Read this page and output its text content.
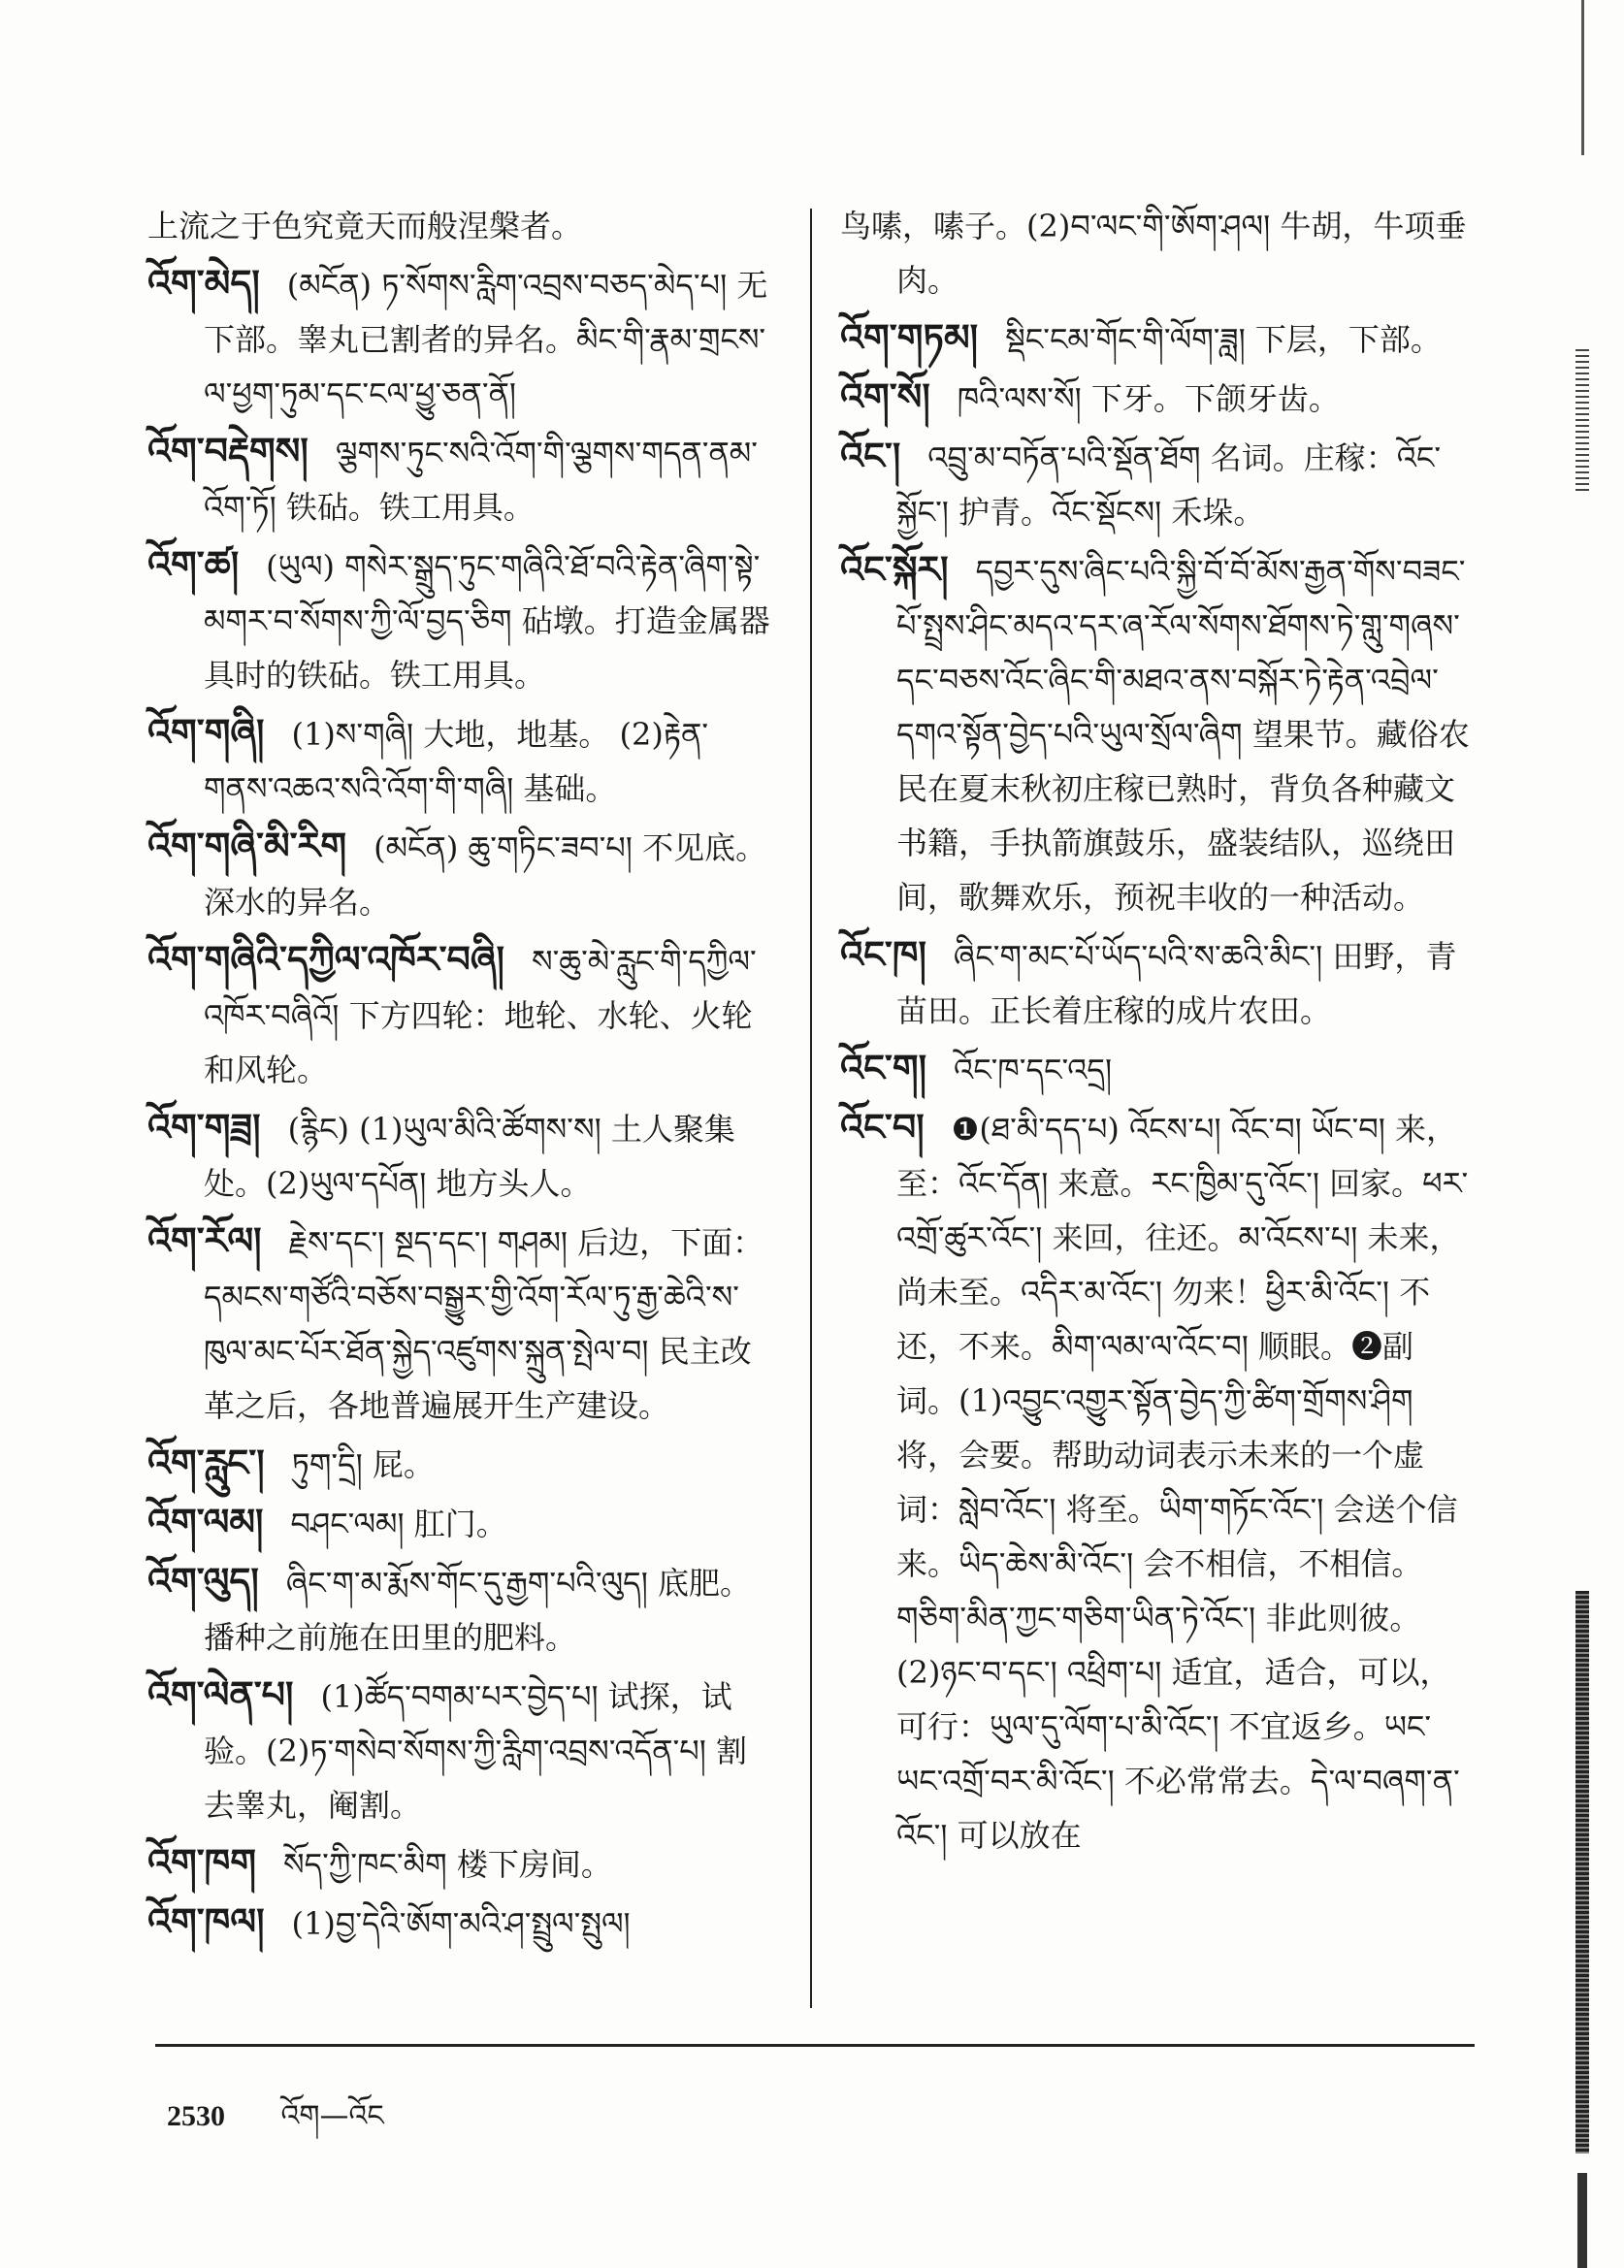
上流之于色究竟天而般涅槃者。
འོག་མེད། (མངོན) ཏ་སོགས་རླིག་འབྲས་བཅད་མེད་པ། 无下部。睾丸已割者的异名。མིང་གི་རྣམ་གྲངས་ལ་ཕྱག་ཏུམ་དང་ངལ་ཕྱུ་ཅན་ནོ།
འོག་བརྡེགས། ལྕགས་ཏུང་སའི་འོག་གི་ལྕགས་གདན་ནམ་འོག་ཏོ། 铁砧。铁工用具。
འོག་ཚ། (ཡུལ) གསེར་སྒྲུད་ཏུང་གཞིའི་ཐོ་བའི་རྟེན་ཞིག་སྟེ་མགར་བ་སོགས་ཀྱི་ལོ་བྱད་ཅིག 砧墩。打造金属器具时的铁砧。铁工用具。
འོག་གཞི། (1)ས་གཞི། 大地，地基。 (2)རྟེན་གནས་འཆའ་སའི་འོག་གི་གཞི། 基础。
འོག་གཞི་མི་རིག (མངོན) ཆུ་གཏིང་ཟབ་པ། 不见底。深水的异名。
འོག་གཞིའི་དཀྱིལ་འཁོར་བཞི། ས་ཆུ་མེ་རླུང་གི་དཀྱིལ་འཁོར་བཞིའོ། 下方四轮：地轮、水轮、火轮和风轮。
འོག་གཟྲ། (རྙིང) (1)ཡུལ་མིའི་ཚོགས་ས། 土人聚集处。(2)ཡུལ་དཔོན། 地方头人。
འོག་རོལ། རྗེས་དང་། སྔད་དང་། གཤམ། 后边，下面：དམངས་གཙོའི་བཅོས་བསྒྱུར་གྱི་འོག་རོལ་ཏུ་རྒྱ་ཆེའི་ས་ཁུལ་མང་པོར་ཐོན་སྐྱེད་འཛུགས་སྐྲུན་སྤེལ་བ། 民主改革之后，各地普遍展开生产建设。
འོག་རླུང་། ཏུག་དྲི། 屁。
འོག་ལམ། བཤང་ལམ། 肛门。
འོག་ལུད། ཞིང་ག་མ་རྨོས་གོང་དུ་རྒྱག་པའི་ལུད། 底肥。播种之前施在田里的肥料。
འོག་ལེན་པ། (1)ཚོད་བགམ་པར་བྱེད་པ། 试探，试验。(2)ཏ་གསེབ་སོགས་ཀྱི་རླིག་འབྲས་འདོན་པ། 割去睾丸，阉割。
འོག་ཁག སོད་ཀྱི་ཁང་མིག 楼下房间。
འོག་ཁལ། (1)བྱ་དེའི་ཨོག་མའི་ཤ་སྤྲུལ་སྤུལ།
鸟嗉，嗉子。(2)བ་ལང་གི་ཨོག་ཤལ། 牛胡，牛项垂肉。
འོག་གཏམ། སྡིང་ངམ་གོང་གི་ལོག་ཟླ། 下层，下部。
འོག་སོ། ཁའི་ལས་སོ། 下牙。下颌牙齿。
འོང་། འབྲུ་མ་བཏོན་པའི་སྡོན་ཐོག 名词。庄稼：འོང་སྐྱོང་། 护青。འོང་སྡོངས། 禾垛。
འོང་སྐོར། དབྱར་དུས་ཞིང་པའི་སྐྱི་བོ་བོ་མོས་རྒྱན་གོས་བཟང་པོ་སྤྲས་ཤིང་མདའ་དར་ཞ་རོལ་སོགས་ཐོགས་ཏེ་གླུ་གཞས་དང་བཅས་འོང་ཞིང་གི་མཐའ་ནས་བསྐོར་ཏེ་རྟེན་འབྲེལ་དགའ་སྟོན་བྱེད་པའི་ཡུལ་སྲོལ་ཞིག 望果节。藏俗农民在夏末秋初庄稼已熟时，背负各种藏文书籍，手执箭旗鼓乐，盛装结队，巡绕田间，歌舞欢乐，预祝丰收的一种活动。
འོང་ཁ། ཞིང་ག་མང་པོ་ཡོད་པའི་ས་ཆའི་མིང་། 田野，青苗田。正长着庄稼的成片农田。
འོང་ག། འོང་ཁ་དང་འདྲ།
འོང་བ། ❶(ཐ་མི་དད་པ) འོངས་པ། འོང་བ། ཡོང་བ། 来，至：འོང་དོན། 来意。རང་ཁྱིམ་དུ་འོང་། 回家。ཕར་འགྲོ་ཚུར་འོང་། 来回，往还。མ་འོངས་པ། 未来，尚未至。འདིར་མ་འོང་། 勿来！ཕྱིར་མི་འོང་། 不还，不来。མིག་ལམ་ལ་འོང་བ། 顺眼。❷副词。(1)འབྱུང་འགྱུར་སྟོན་བྱེད་ཀྱི་ཚིག་གྲོགས་ཤིག将，会要。帮助动词表示未来的一个虚词：སླེབ་འོང་། 将至。ཡིག་གཏོང་འོང་། 会送个信来。ཡིད་ཆེས་མི་འོང་། 会不相信，不相信。གཅིག་མིན་ཀྱང་གཅིག་ཡིན་ཏེ་འོང་། 非此则彼。(2)ཉང་བ་དང་། འཕྲིག་པ། 适宜，适合，可以，可行：ཡུལ་དུ་ལོག་པ་མི་འོང་། 不宜返乡。ཡང་ཡང་འགྲོ་བར་མི་འོང་། 不必常常去。དེ་ལ་བཞག་ན་འོང་། 可以放在
2530 འོག—འོང
